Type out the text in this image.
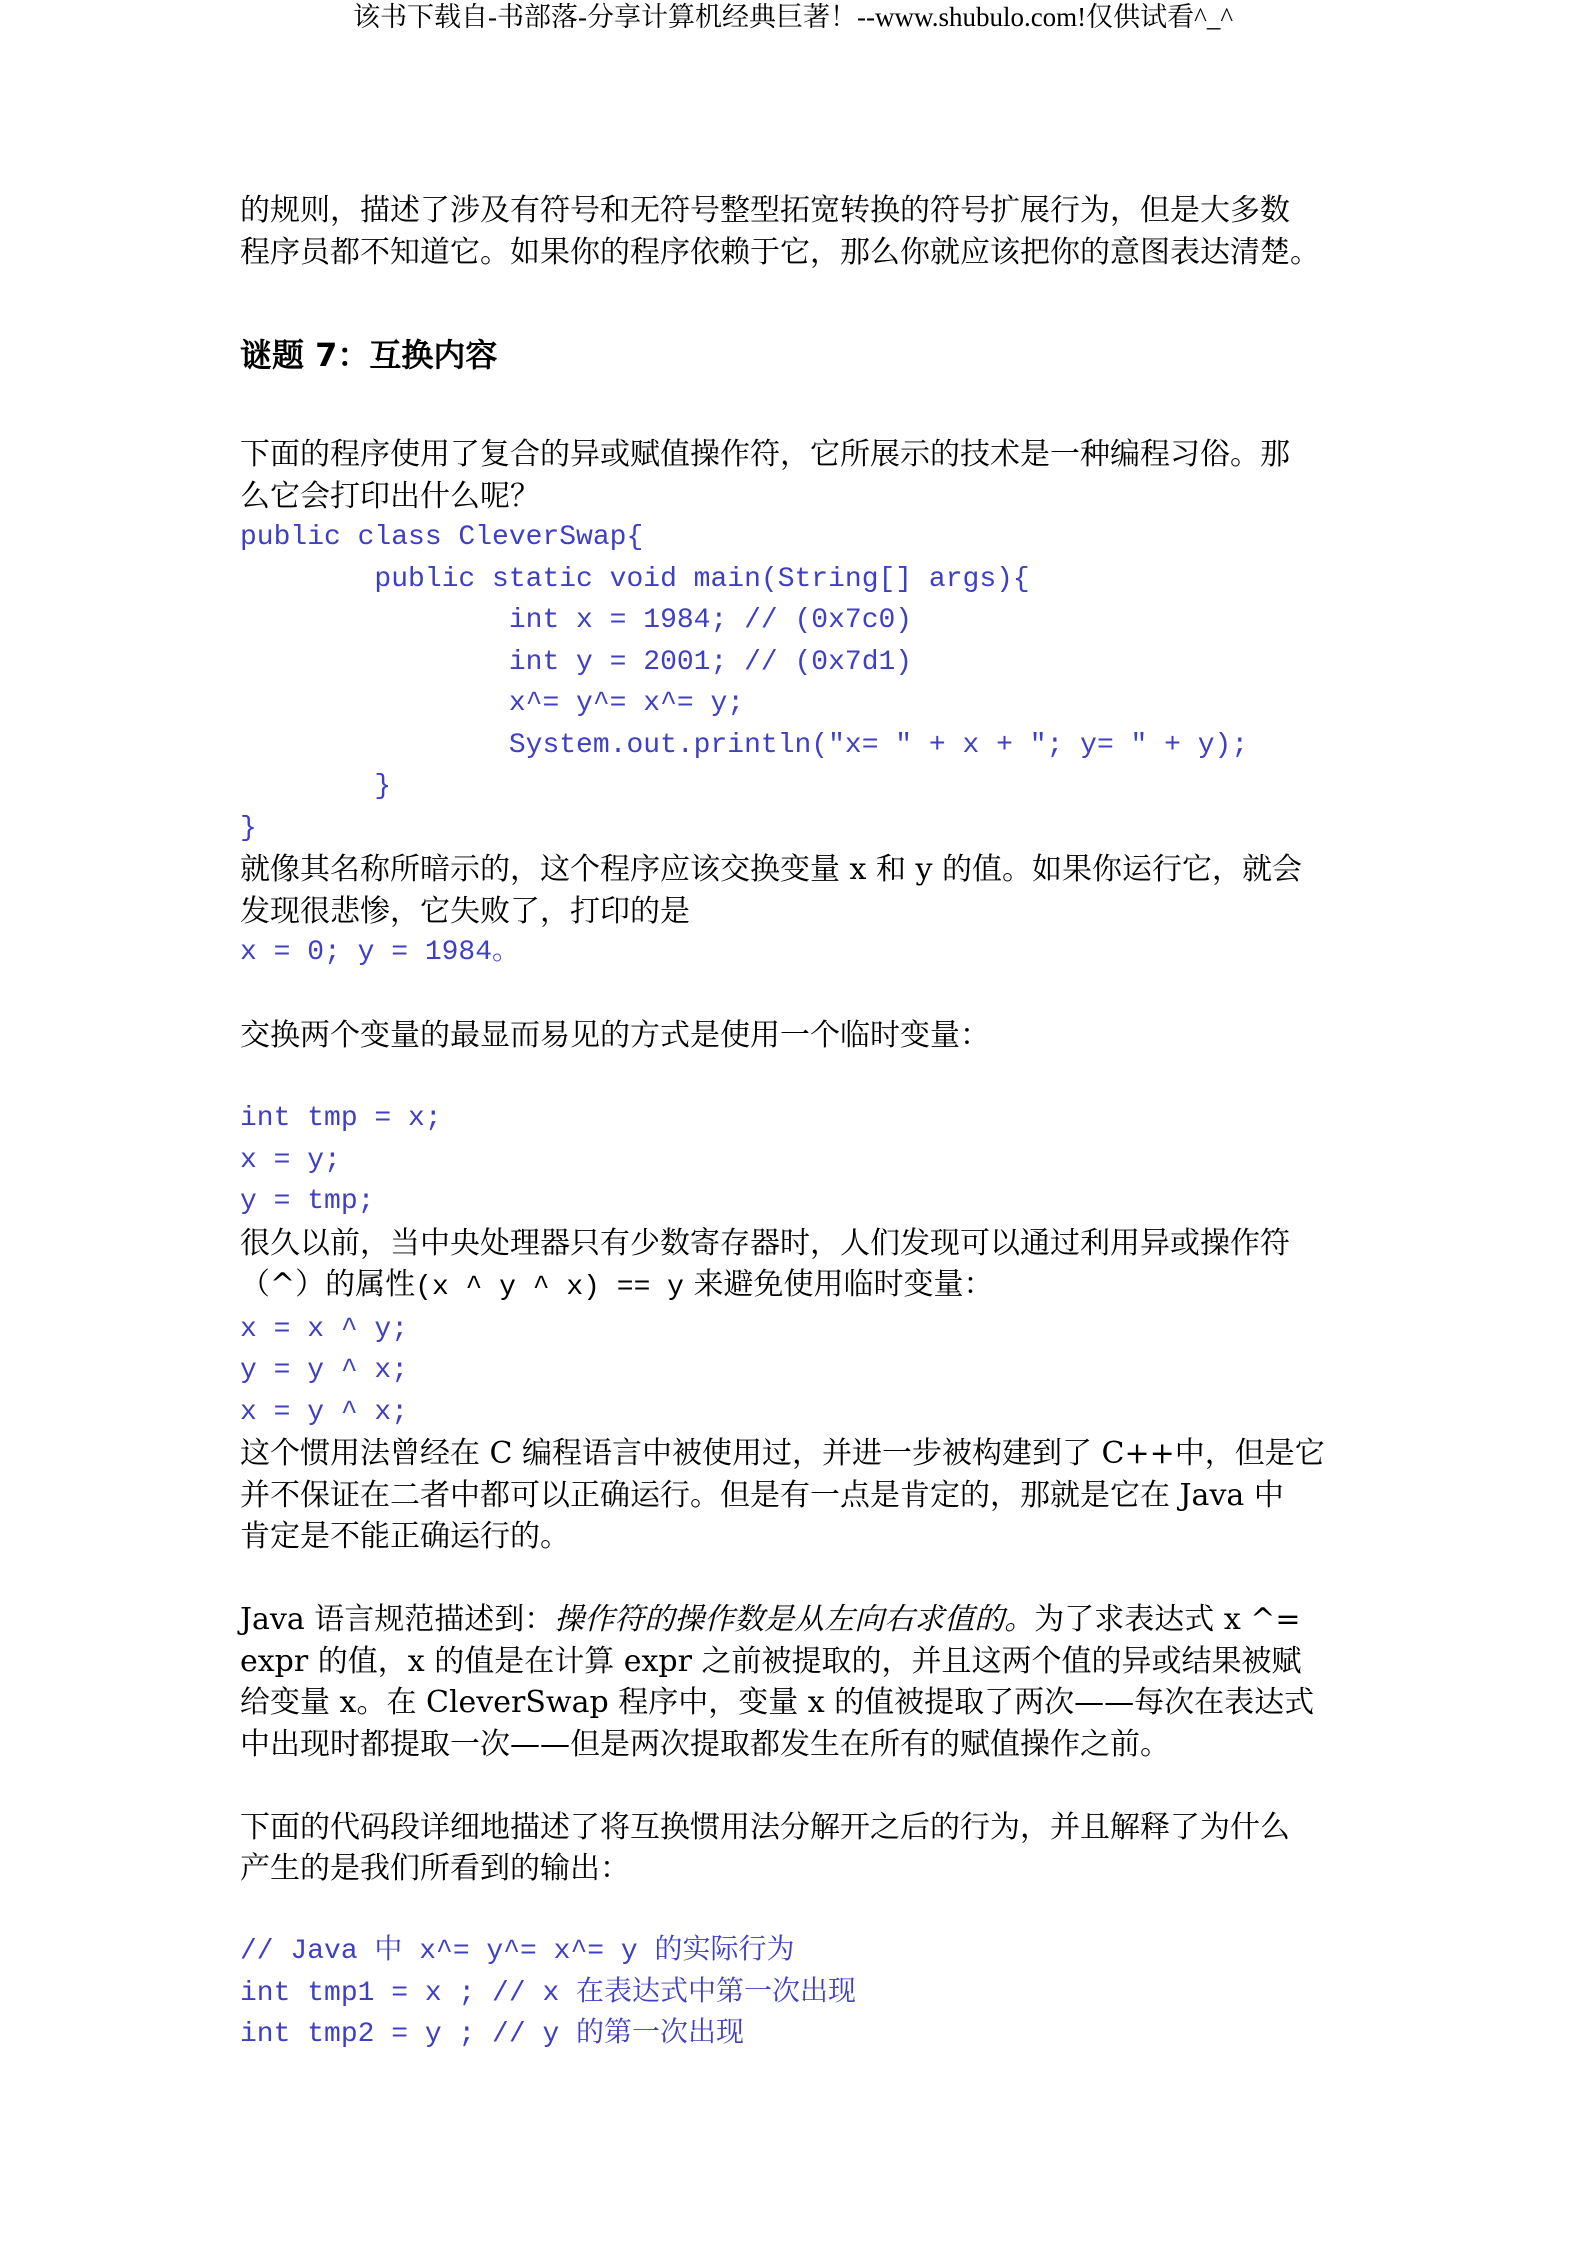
该书下载自-书部落-分享计算机经典巨著！--www.shubulo.com!仅供试看^_^

的规则，描述了涉及有符号和无符号整型拓宽转换的符号扩展行为，但是大多数

程序员都不知道它。如果你的程序依赖于它，那么你就应该把你的意图表达清楚。

谜题 7：互换内容

下面的程序使用了复合的异或赋值操作符，它所展示的技术是一种编程习俗。那

么它会打印出什么呢？

public class CleverSwap{

public static void main(String[] args){

int x = 1984; // (0x7c0)

int y = 2001; // (0x7d1)

x^= y^= x^= y;

System.out.println("x= " + x + "; y= " + y);

}

}

就像其名称所暗示的，这个程序应该交换变量 x 和 y 的值。如果你运行它，就会

发现很悲惨，它失败了，打印的是

x = 0; y = 1984。

交换两个变量的最显而易见的方式是使用一个临时变量：

int tmp = x;

x = y;

y = tmp;

很久以前，当中央处理器只有少数寄存器时，人们发现可以通过利用异或操作符

（^）的属性(x ^ y ^ x) == y 来避免使用临时变量：

x = x ^ y;

y = y ^ x;

x = y ^ x;

这个惯用法曾经在 C 编程语言中被使用过，并进一步被构建到了 C++中，但是它

并不保证在二者中都可以正确运行。但是有一点是肯定的，那就是它在 Java 中

肯定是不能正确运行的。

Java 语言规范描述到：操作符的操作数是从左向右求值的。为了求表达式 x ^=

expr 的值，x 的值是在计算 expr 之前被提取的，并且这两个值的异或结果被赋

给变量 x。在 CleverSwap 程序中，变量 x 的值被提取了两次——每次在表达式

中出现时都提取一次——但是两次提取都发生在所有的赋值操作之前。

下面的代码段详细地描述了将互换惯用法分解开之后的行为，并且解释了为什么

产生的是我们所看到的输出：

// Java 中 x^= y^= x^= y 的实际行为

int tmp1 = x ; // x 在表达式中第一次出现

int tmp2 = y ; // y 的第一次出现
